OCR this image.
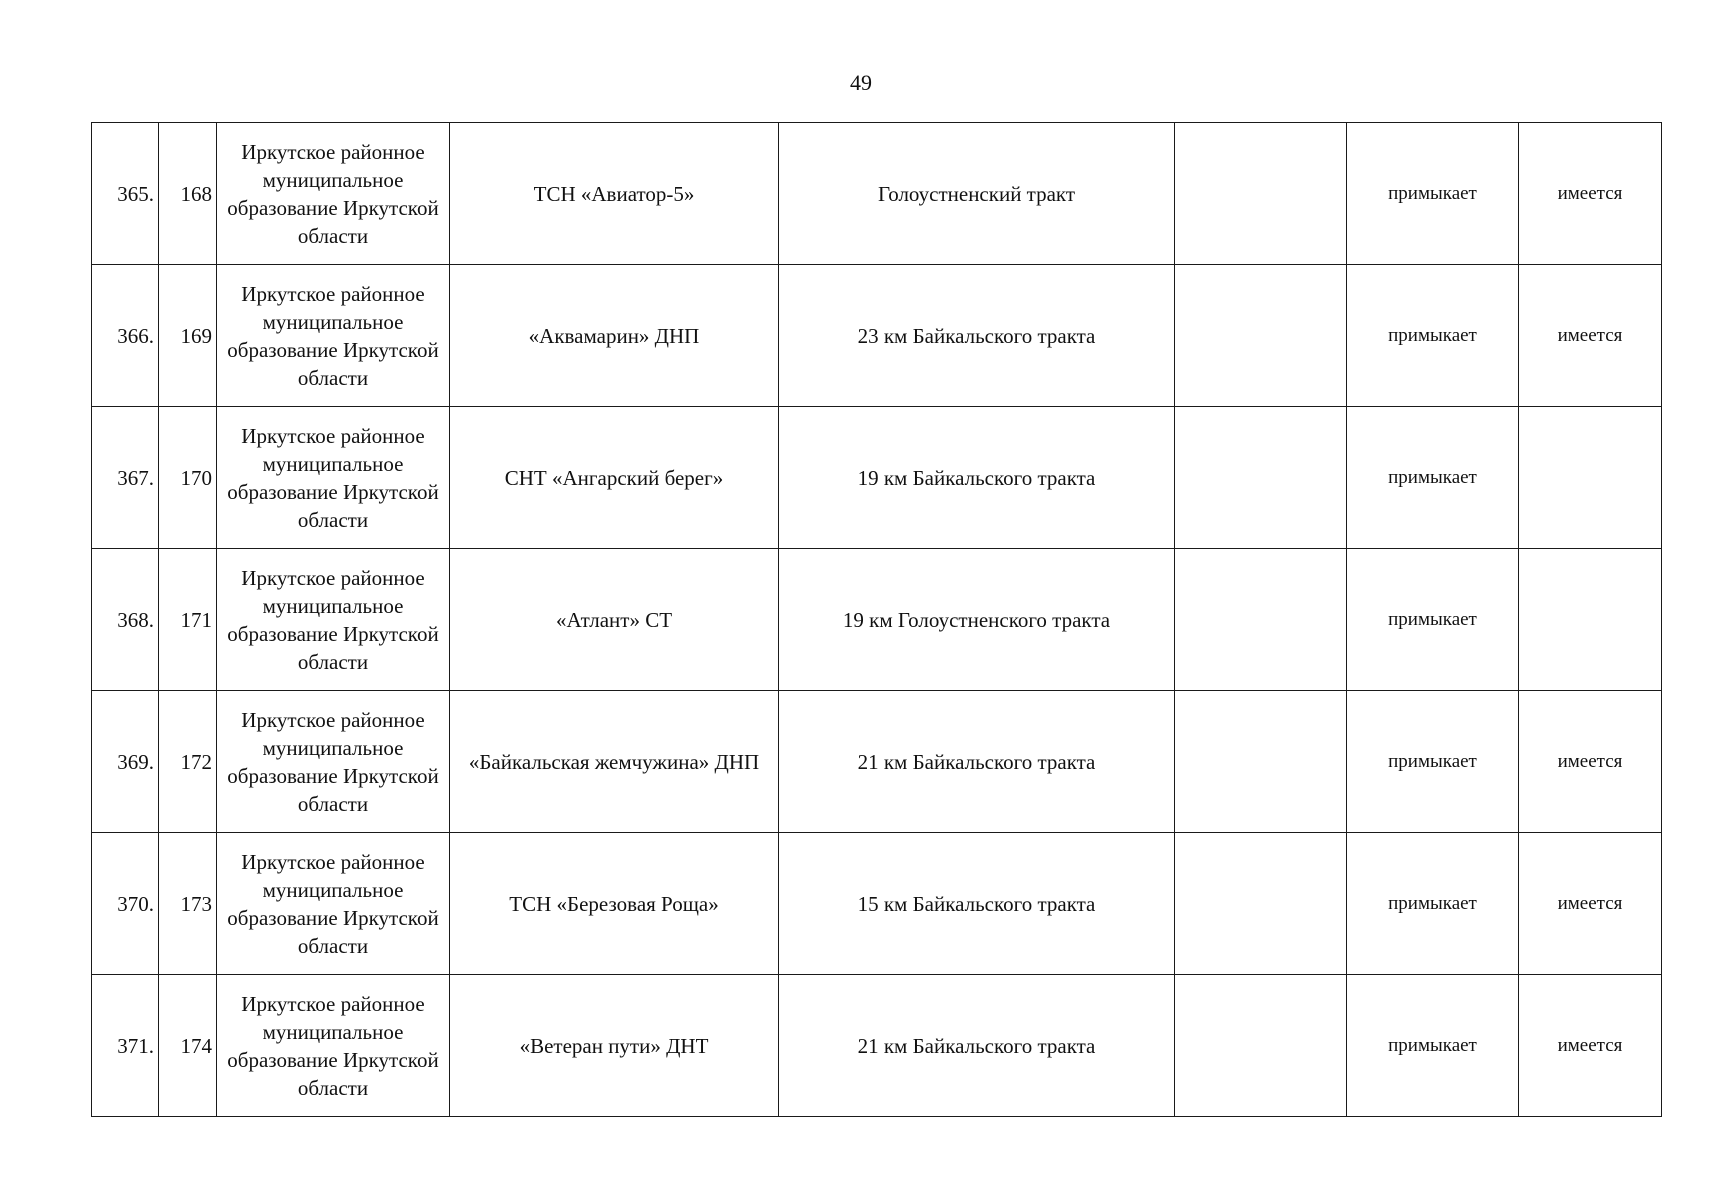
49
365.	168	Иркутское районное муниципальное образование Иркутской области	ТСН «Авиатор-5»	Голоустненский тракт		примыкает	имеется
366.	169	Иркутское районное муниципальное образование Иркутской области	«Аквамарин» ДНП	23 км Байкальского тракта		примыкает	имеется
367.	170	Иркутское районное муниципальное образование Иркутской области	СНТ «Ангарский берег»	19 км Байкальского тракта		примыкает	
368.	171	Иркутское районное муниципальное образование Иркутской области	«Атлант» СТ	19 км Голоустненского тракта		примыкает	
369.	172	Иркутское районное муниципальное образование Иркутской области	«Байкальская жемчужина» ДНП	21 км Байкальского тракта		примыкает	имеется
370.	173	Иркутское районное муниципальное образование Иркутской области	ТСН «Березовая Роща»	15 км Байкальского тракта		примыкает	имеется
371.	174	Иркутское районное муниципальное образование Иркутской области	«Ветеран пути» ДНТ	21 км Байкальского тракта		примыкает	имеется
